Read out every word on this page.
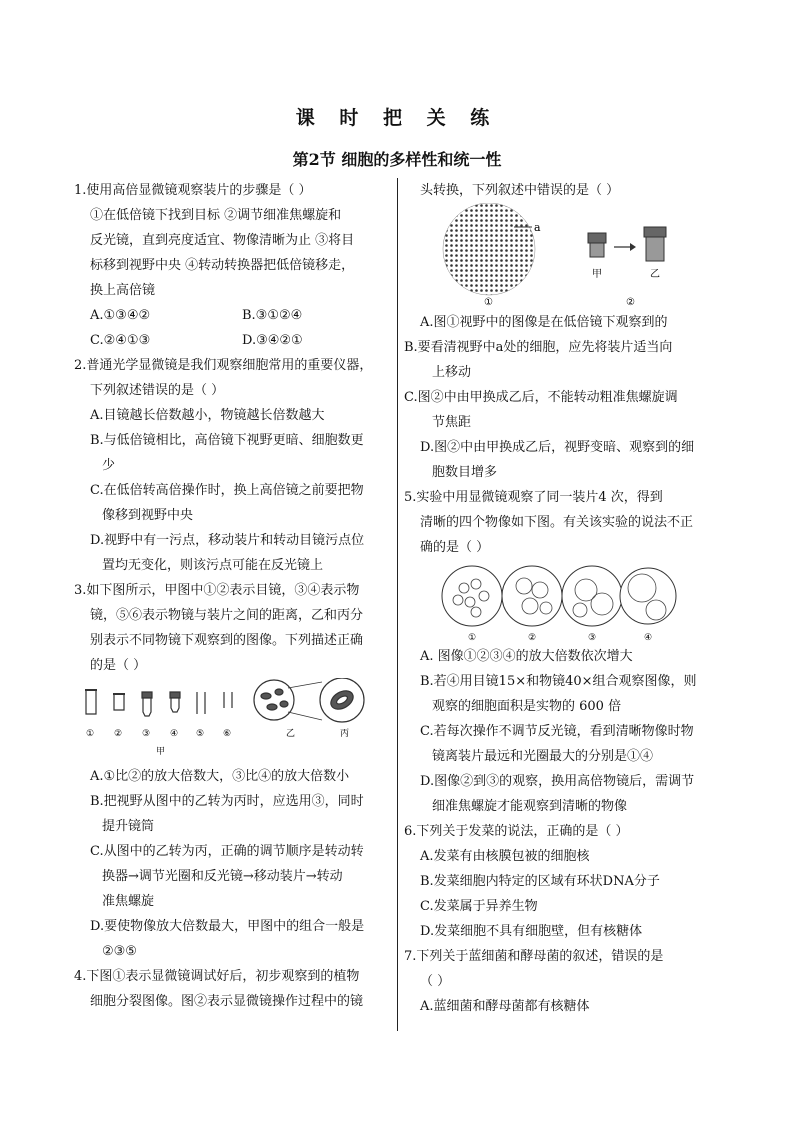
课 时 把 关 练
第2节 细胞的多样性和统一性
1.使用高倍显微镜观察装片的步骤是（ ）
①在低倍镜下找到目标 ②调节细准焦螺旋和
反光镜，直到亮度适宜、物像清晰为止 ③将目
标移到视野中央 ④转动转换器把低倍镜移走，
换上高倍镜
A.①③④②	B.③①②④
C.②④①③	D.③④②①
2.普通光学显微镜是我们观察细胞常用的重要仪器，
下列叙述错误的是（ ）
A.目镜越长倍数越小，物镜越长倍数越大
B.与低倍镜相比，高倍镜下视野更暗、细胞数更
少
C.在低倍转高倍操作时，换上高倍镜之前要把物
像移到视野中央
D.视野中有一污点，移动装片和转动目镜污点位
置均无变化，则该污点可能在反光镜上
3.如下图所示，甲图中①②表示目镜，③④表示物
镜，⑤⑥表示物镜与装片之间的距离，乙和丙分
别表示不同物镜下观察到的图像。下列描述正确
的是（ ）
① ② ③ ④ ⑤ ⑥
甲
乙	丙
A.①比②的放大倍数大，③比④的放大倍数小
B.把视野从图中的乙转为丙时，应选用③，同时
提升镜筒
C.从图中的乙转为丙，正确的调节顺序是转动转
换器→调节光圈和反光镜→移动装片→转动
准焦螺旋
D.要使物像放大倍数最大，甲图中的组合一般是
②③⑤
4.下图①表示显微镜调试好后，初步观察到的植物
细胞分裂图像。图②表示显微镜操作过程中的镜
头转换，下列叙述中错误的是（ ）
a
甲	乙
①	②
A.图①视野中的图像是在低倍镜下观察到的
B.要看清视野中a处的细胞，应先将装片适当向
上移动
C.图②中由甲换成乙后，不能转动粗准焦螺旋调
节焦距
D.图②中由甲换成乙后，视野变暗、观察到的细
胞数目增多
5.实验中用显微镜观察了同一装片4 次，得到
清晰的四个物像如下图。有关该实验的说法不正
确的是（ ）
①	②	③	④
A. 图像①②③④的放大倍数依次增大
B.若④用目镜15×和物镜40×组合观察图像，则
观察的细胞面积是实物的 600 倍
C.若每次操作不调节反光镜，看到清晰物像时物
镜离装片最远和光圈最大的分别是①④
D.图像②到③的观察，换用高倍物镜后，需调节
细准焦螺旋才能观察到清晰的物像
6.下列关于发菜的说法，正确的是（ ）
A.发菜有由核膜包被的细胞核
B.发菜细胞内特定的区域有环状DNA分子
C.发菜属于异养生物
D.发菜细胞不具有细胞壁，但有核糖体
7.下列关于蓝细菌和酵母菌的叙述，错误的是
（ ）
A.蓝细菌和酵母菌都有核糖体
